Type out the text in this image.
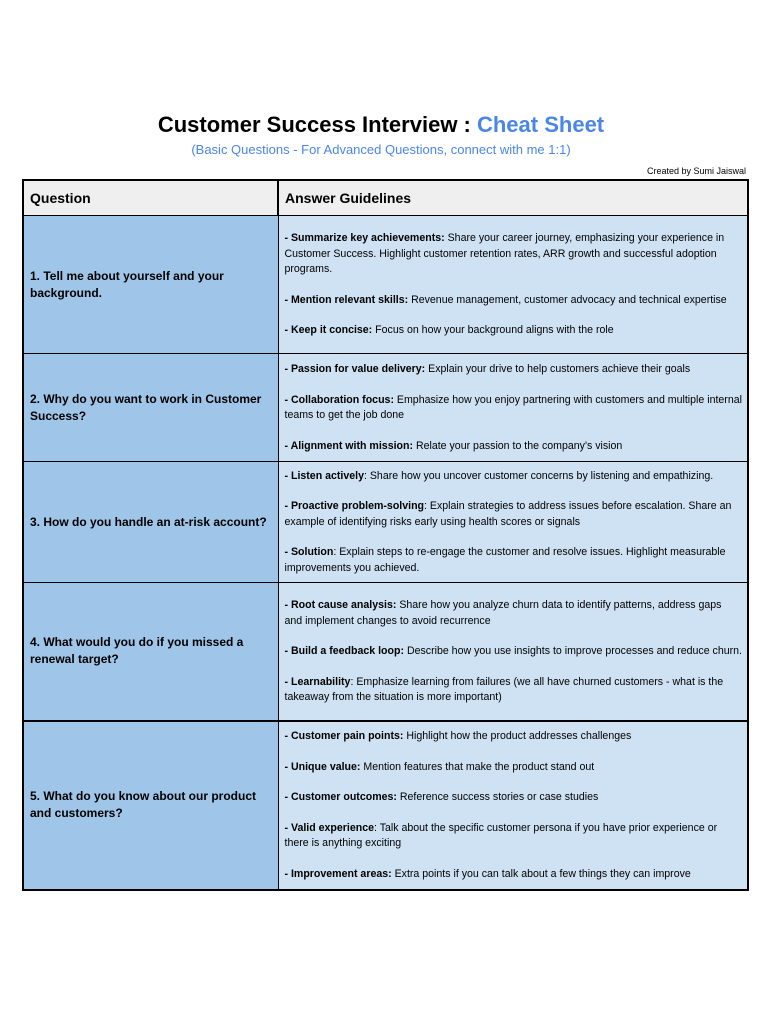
Customer Success Interview : Cheat Sheet
(Basic Questions - For Advanced Questions, connect with me 1:1)
Created by Sumi Jaiswal
Question	Answer Guidelines
1. Tell me about yourself and your background.	- Summarize key achievements: Share your career journey, emphasizing your experience in Customer Success. Highlight customer retention rates, ARR growth and successful adoption programs.

- Mention relevant skills: Revenue management, customer advocacy and technical expertise

- Keep it concise: Focus on how your background aligns with the role

2. Why do you want to work in Customer Success?	- Passion for value delivery: Explain your drive to help customers achieve their goals

- Collaboration focus: Emphasize how you enjoy partnering with customers and multiple internal teams to get the job done

- Alignment with mission: Relate your passion to the company's vision

3. How do you handle an at-risk account?	- Listen actively: Share how you uncover customer concerns by listening and empathizing.

- Proactive problem-solving: Explain strategies to address issues before escalation. Share an example of identifying risks early using health scores or signals

- Solution: Explain steps to re-engage the customer and resolve issues. Highlight measurable improvements you achieved.

4. What would you do if you missed a renewal target?	- Root cause analysis: Share how you analyze churn data to identify patterns, address gaps and implement changes to avoid recurrence

- Build a feedback loop: Describe how you use insights to improve processes and reduce churn.

- Learnability: Emphasize learning from failures (we all have churned customers - what is the takeaway from the situation is more important)

5. What do you know about our product and customers?	- Customer pain points: Highlight how the product addresses challenges

- Unique value: Mention features that make the product stand out

- Customer outcomes: Reference success stories or case studies

- Valid experience: Talk about the specific customer persona if you have prior experience or there is anything exciting

- Improvement areas: Extra points if you can talk about a few things they can improve
